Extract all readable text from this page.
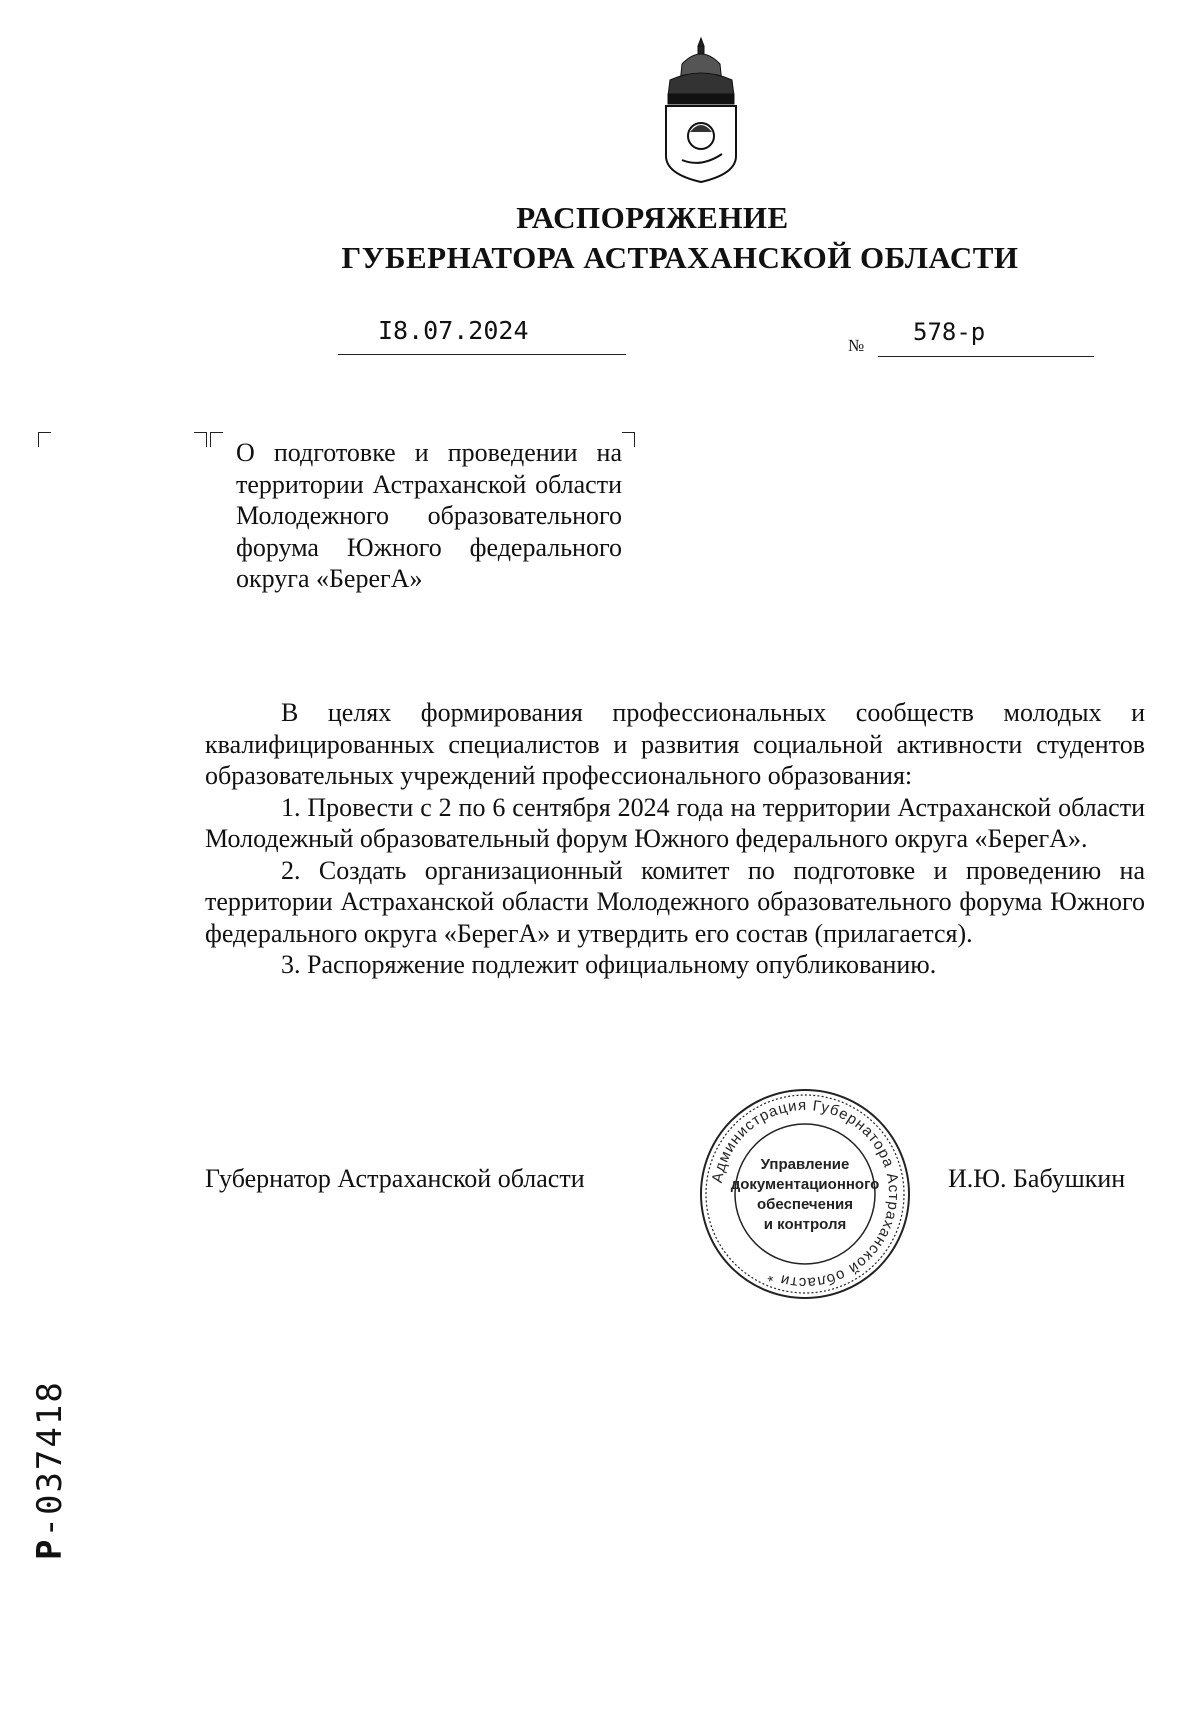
РАСПОРЯЖЕНИЕ
ГУБЕРНАТОРА АСТРАХАНСКОЙ ОБЛАСТИ
I8.07.2024
№ 578-р
О подготовке и проведении на территории Астраханской области Молодежного образовательного форума Южного федерального округа «БерегА»

В целях формирования профессиональных сообществ молодых и квалифицированных специалистов и развития социальной активности студентов образовательных учреждений профессионального образования:

1. Провести с 2 по 6 сентября 2024 года на территории Астраханской области Молодежный образовательный форум Южного федерального округа «БерегА».

2. Создать организационный комитет по подготовке и проведению на территории Астраханской области Молодежного образовательного форума Южного федерального округа «БерегА» и утвердить его состав (прилагается).

3. Распоряжение подлежит официальному опубликованию.

Губернатор Астраханской области	И.Ю. Бабушкин
Администрация Губернатора Астраханской области *
Управление
документационного
обеспечения
и контроля
Р-037418
